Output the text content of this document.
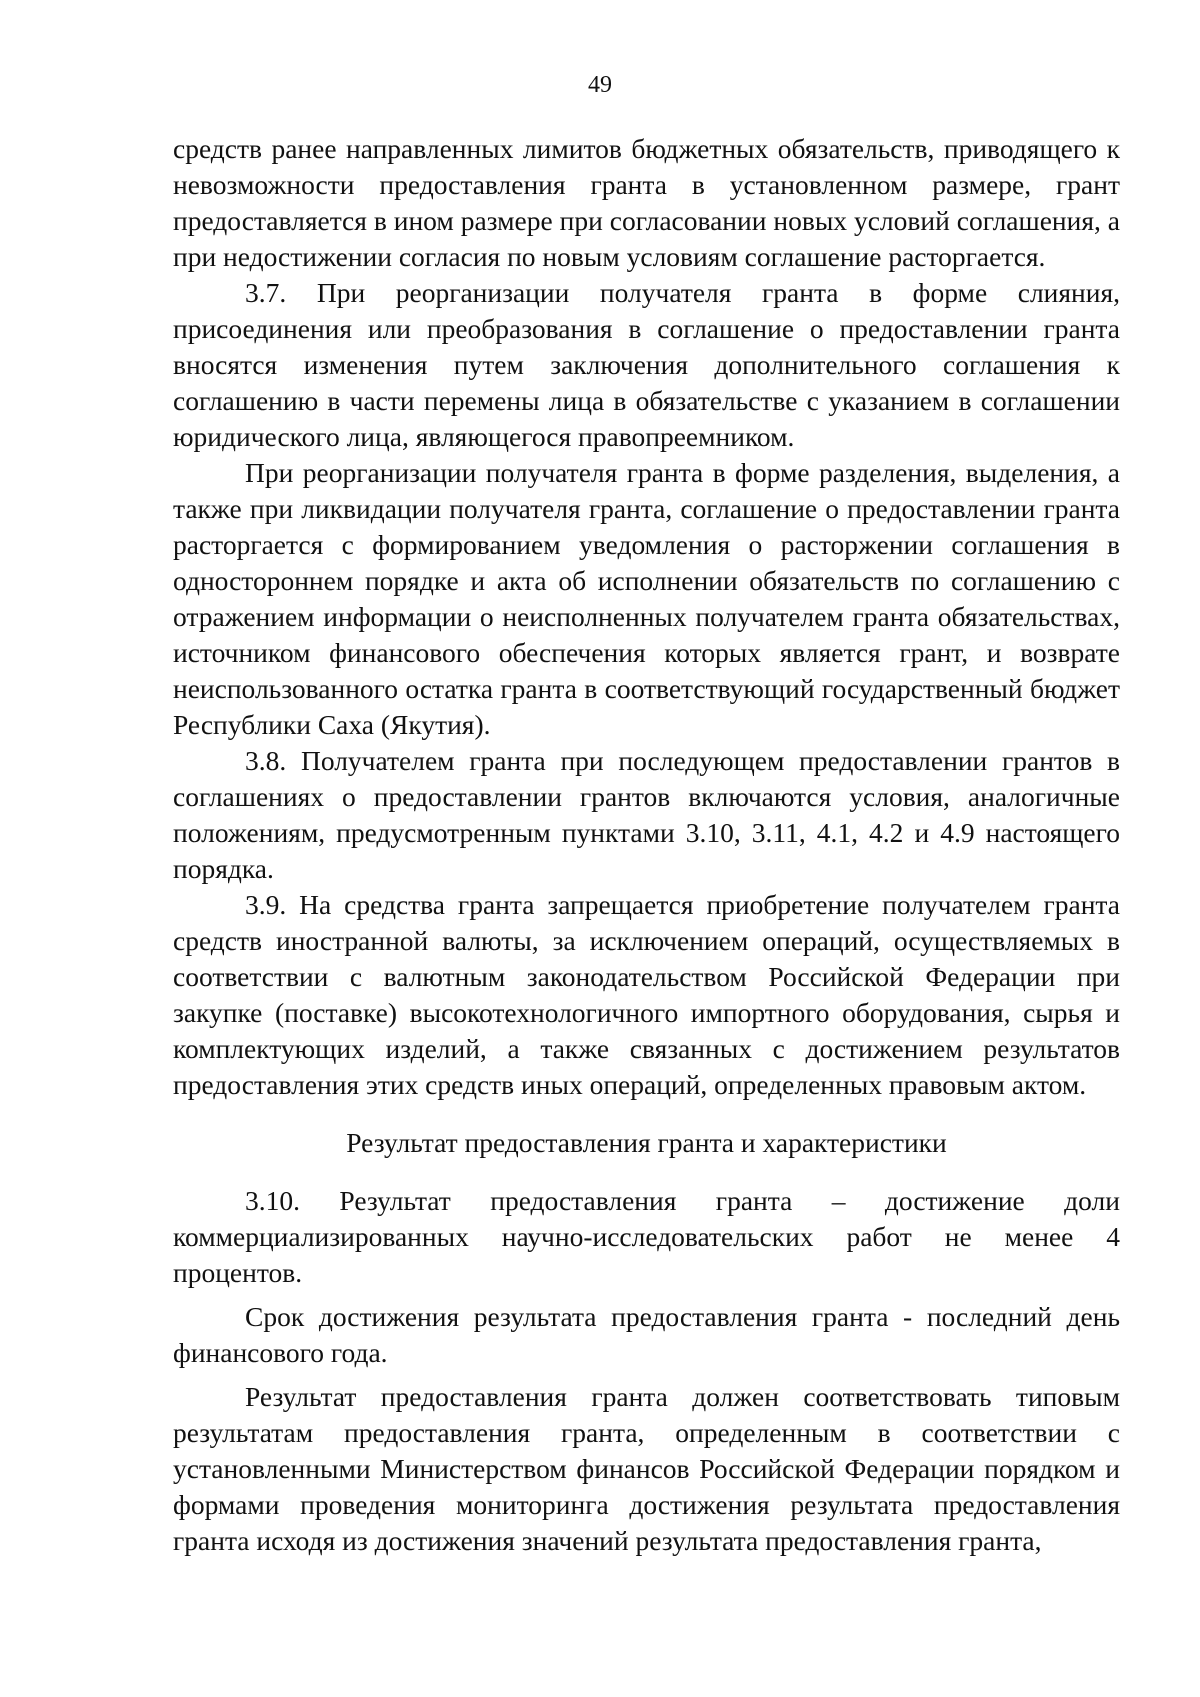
49

средств ранее направленных лимитов бюджетных обязательств, приводящего к невозможности предоставления гранта в установленном размере, грант предоставляется в ином размере при согласовании новых условий соглашения, а при недостижении согласия по новым условиям соглашение расторгается.

3.7. При реорганизации получателя гранта в форме слияния, присоединения или преобразования в соглашение о предоставлении гранта вносятся изменения путем заключения дополнительного соглашения к соглашению в части перемены лица в обязательстве с указанием в соглашении юридического лица, являющегося правопреемником.

При реорганизации получателя гранта в форме разделения, выделения, а также при ликвидации получателя гранта, соглашение о предоставлении гранта расторгается с формированием уведомления о расторжении соглашения в одностороннем порядке и акта об исполнении обязательств по соглашению с отражением информации о неисполненных получателем гранта обязательствах, источником финансового обеспечения которых является грант, и возврате неиспользованного остатка гранта в соответствующий государственный бюджет Республики Саха (Якутия).

3.8. Получателем гранта при последующем предоставлении грантов в соглашениях о предоставлении грантов включаются условия, аналогичные положениям, предусмотренным пунктами 3.10, 3.11, 4.1, 4.2 и 4.9 настоящего порядка.

3.9. На средства гранта запрещается приобретение получателем гранта средств иностранной валюты, за исключением операций, осуществляемых в соответствии с валютным законодательством Российской Федерации при закупке (поставке) высокотехнологичного импортного оборудования, сырья и комплектующих изделий, а также связанных с достижением результатов предоставления этих средств иных операций, определенных правовым актом.

Результат предоставления гранта и характеристики

3.10. Результат предоставления гранта – достижение доли коммерциализированных научно-исследовательских работ не менее 4 процентов.

Срок достижения результата предоставления гранта - последний день финансового года.

Результат предоставления гранта должен соответствовать типовым результатам предоставления гранта, определенным в соответствии с установленными Министерством финансов Российской Федерации порядком и формами проведения мониторинга достижения результата предоставления гранта исходя из достижения значений результата предоставления гранта,
